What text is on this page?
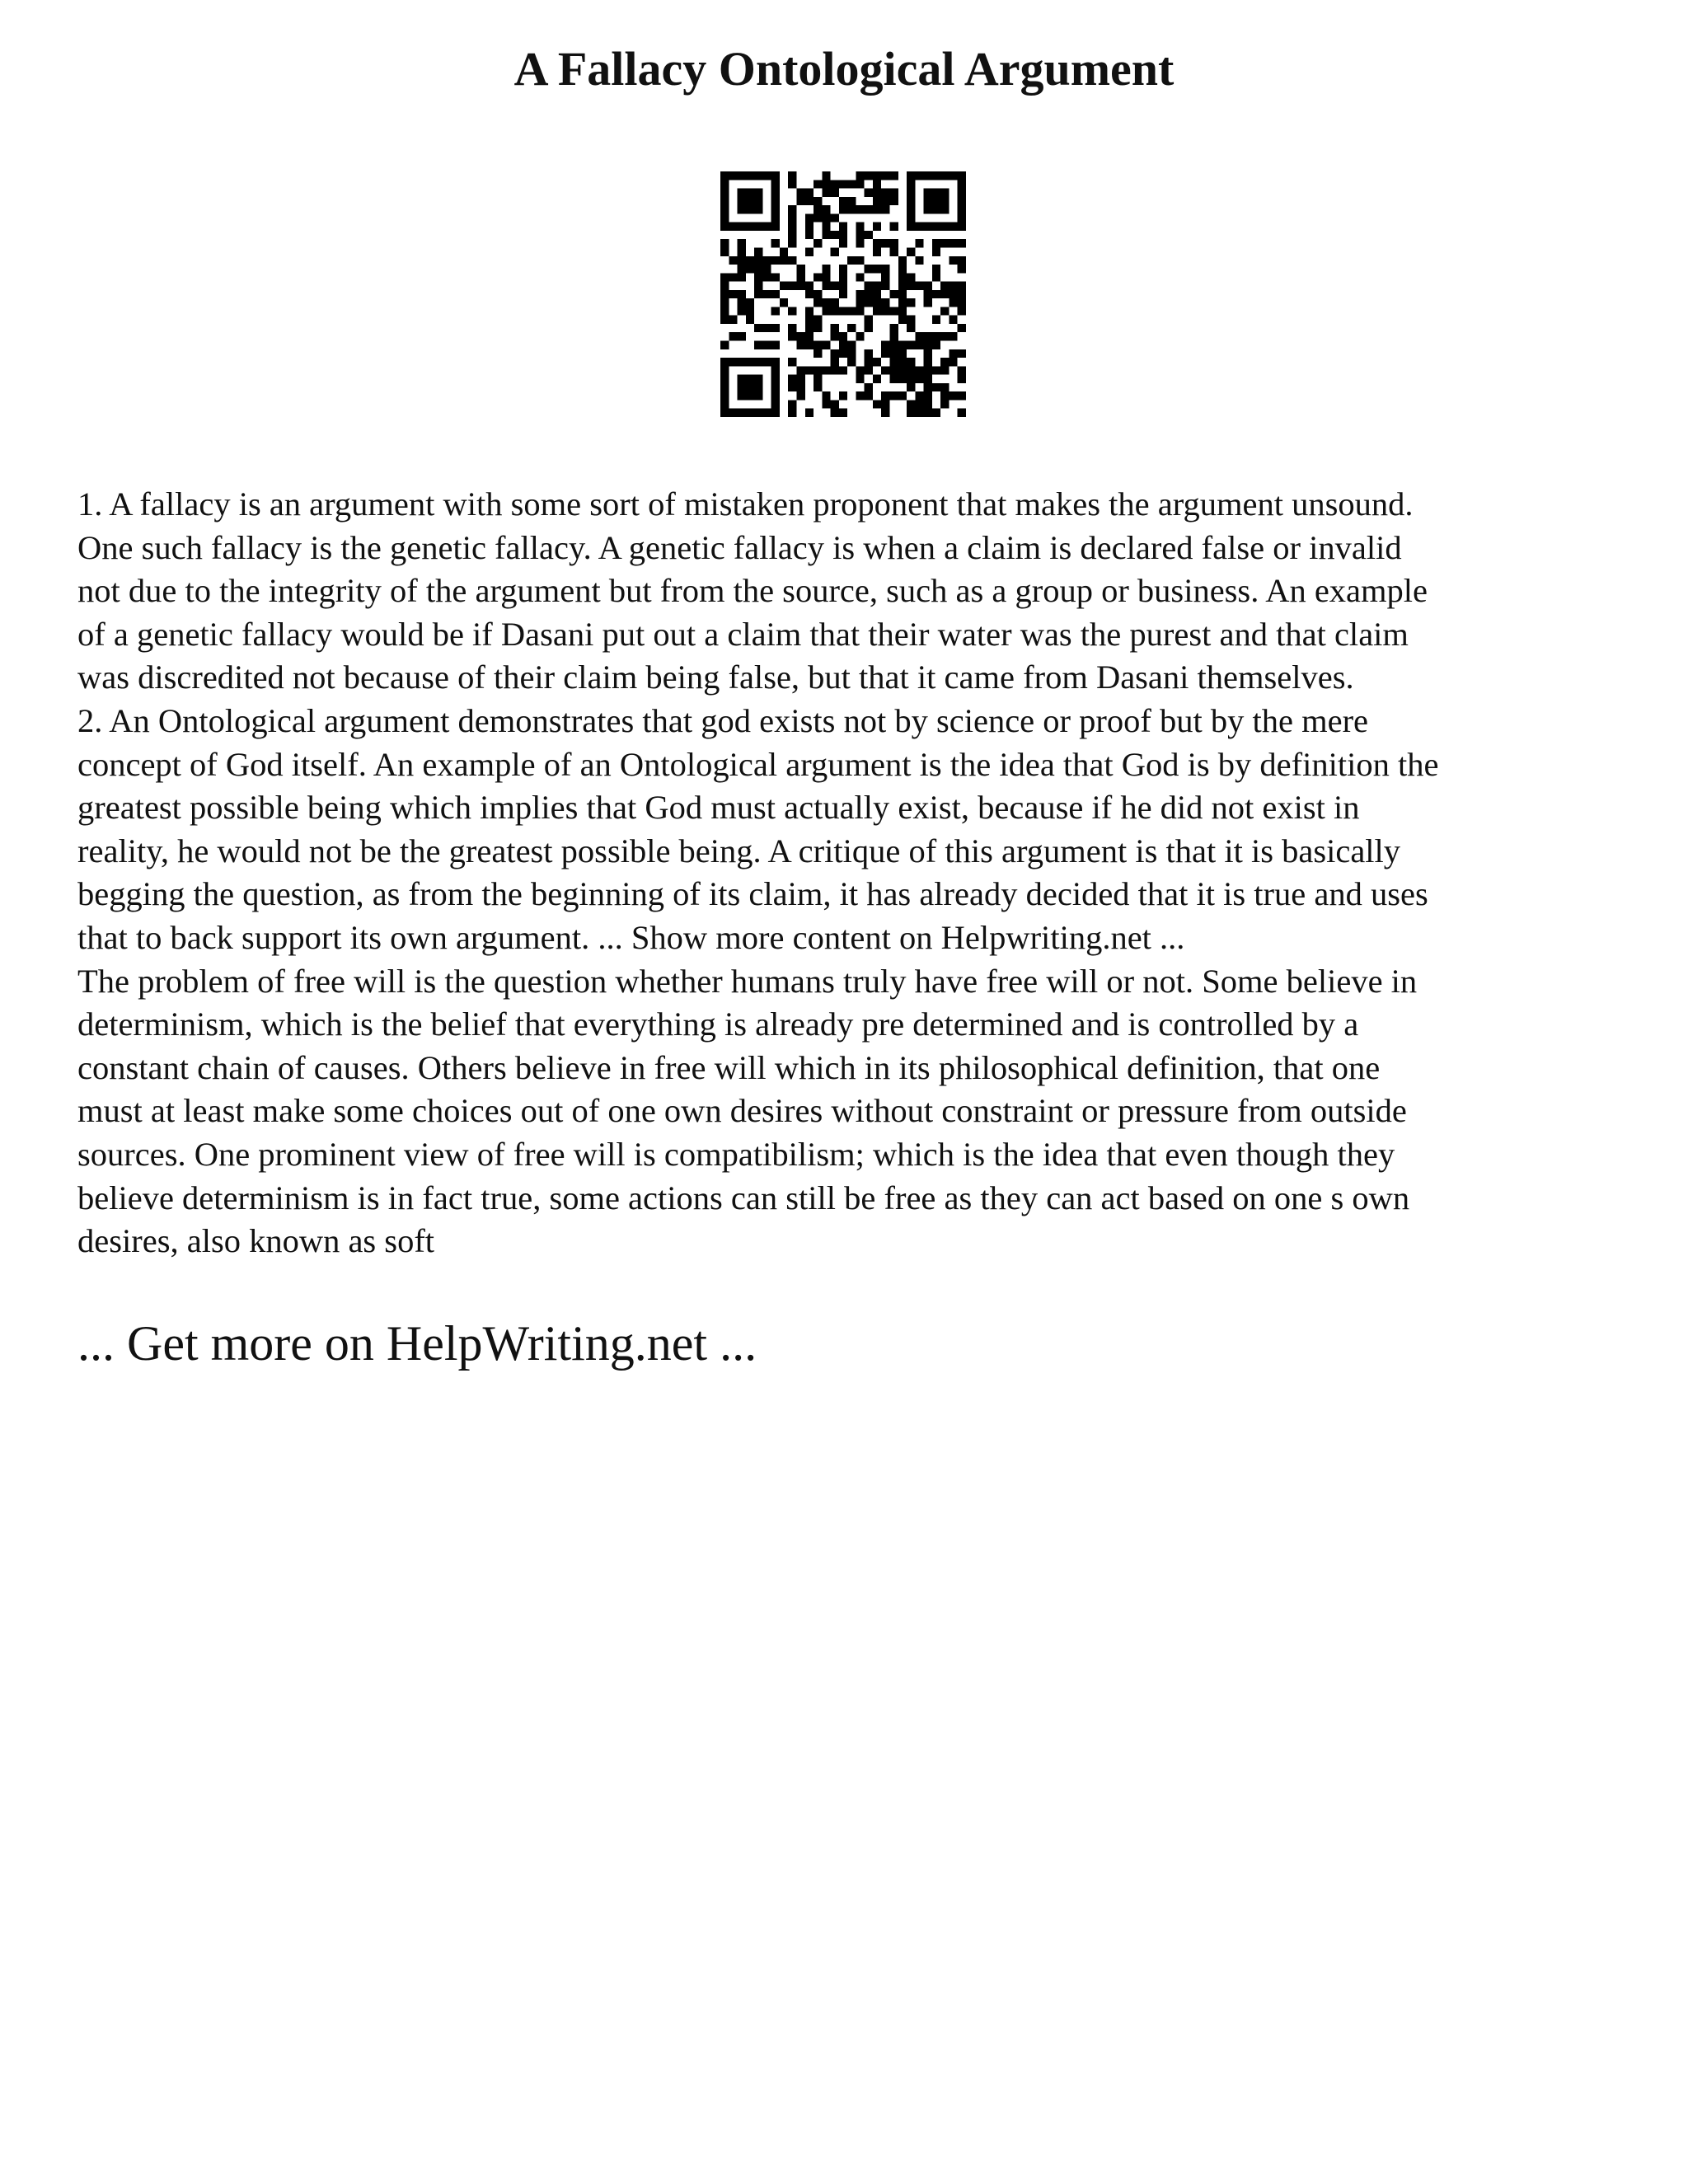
A Fallacy Ontological Argument

1. A fallacy is an argument with some sort of mistaken proponent that makes the argument unsound.

One such fallacy is the genetic fallacy. A genetic fallacy is when a claim is declared false or invalid

not due to the integrity of the argument but from the source, such as a group or business. An example

of a genetic fallacy would be if Dasani put out a claim that their water was the purest and that claim

was discredited not because of their claim being false, but that it came from Dasani themselves.

2. An Ontological argument demonstrates that god exists not by science or proof but by the mere

concept of God itself. An example of an Ontological argument is the idea that God is by definition the

greatest possible being which implies that God must actually exist, because if he did not exist in

reality, he would not be the greatest possible being. A critique of this argument is that it is basically

begging the question, as from the beginning of its claim, it has already decided that it is true and uses

that to back support its own argument. ... Show more content on Helpwriting.net ...

The problem of free will is the question whether humans truly have free will or not. Some believe in

determinism, which is the belief that everything is already pre determined and is controlled by a

constant chain of causes. Others believe in free will which in its philosophical definition, that one

must at least make some choices out of one own desires without constraint or pressure from outside

sources. One prominent view of free will is compatibilism; which is the idea that even though they

believe determinism is in fact true, some actions can still be free as they can act based on one s own

desires, also known as soft

... Get more on HelpWriting.net ...
